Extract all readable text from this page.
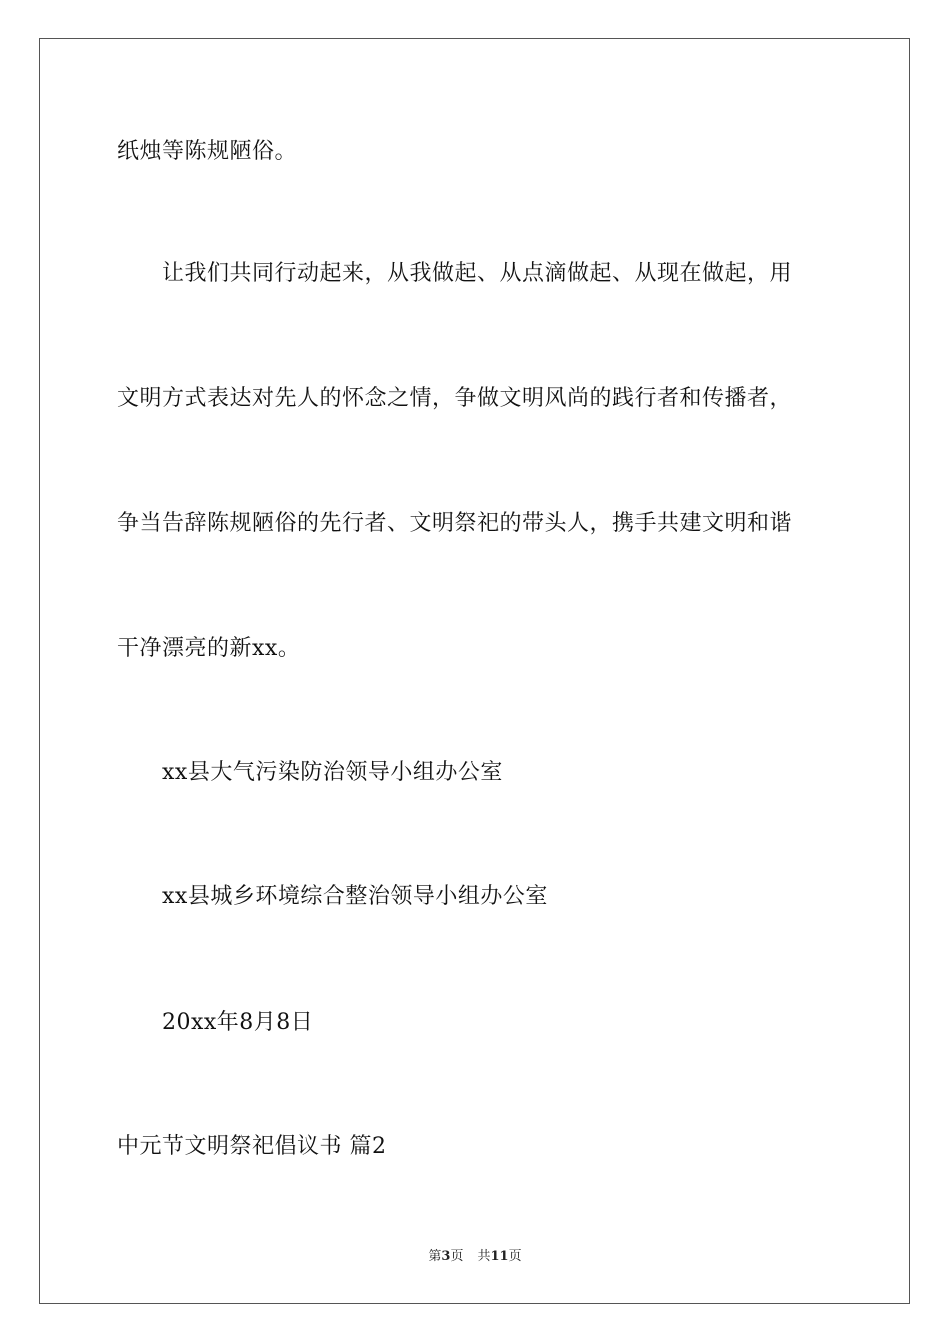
纸烛等陈规陋俗。
让我们共同行动起来，从我做起、从点滴做起、从现在做起，用
文明方式表达对先人的怀念之情，争做文明风尚的践行者和传播者，
争当告辞陈规陋俗的先行者、文明祭祀的带头人，携手共建文明和谐
干净漂亮的新xx。
xx县大气污染防治领导小组办公室
xx县城乡环境综合整治领导小组办公室
20xx年8月8日
中元节文明祭祀倡议书 篇2
第3页 共11页
